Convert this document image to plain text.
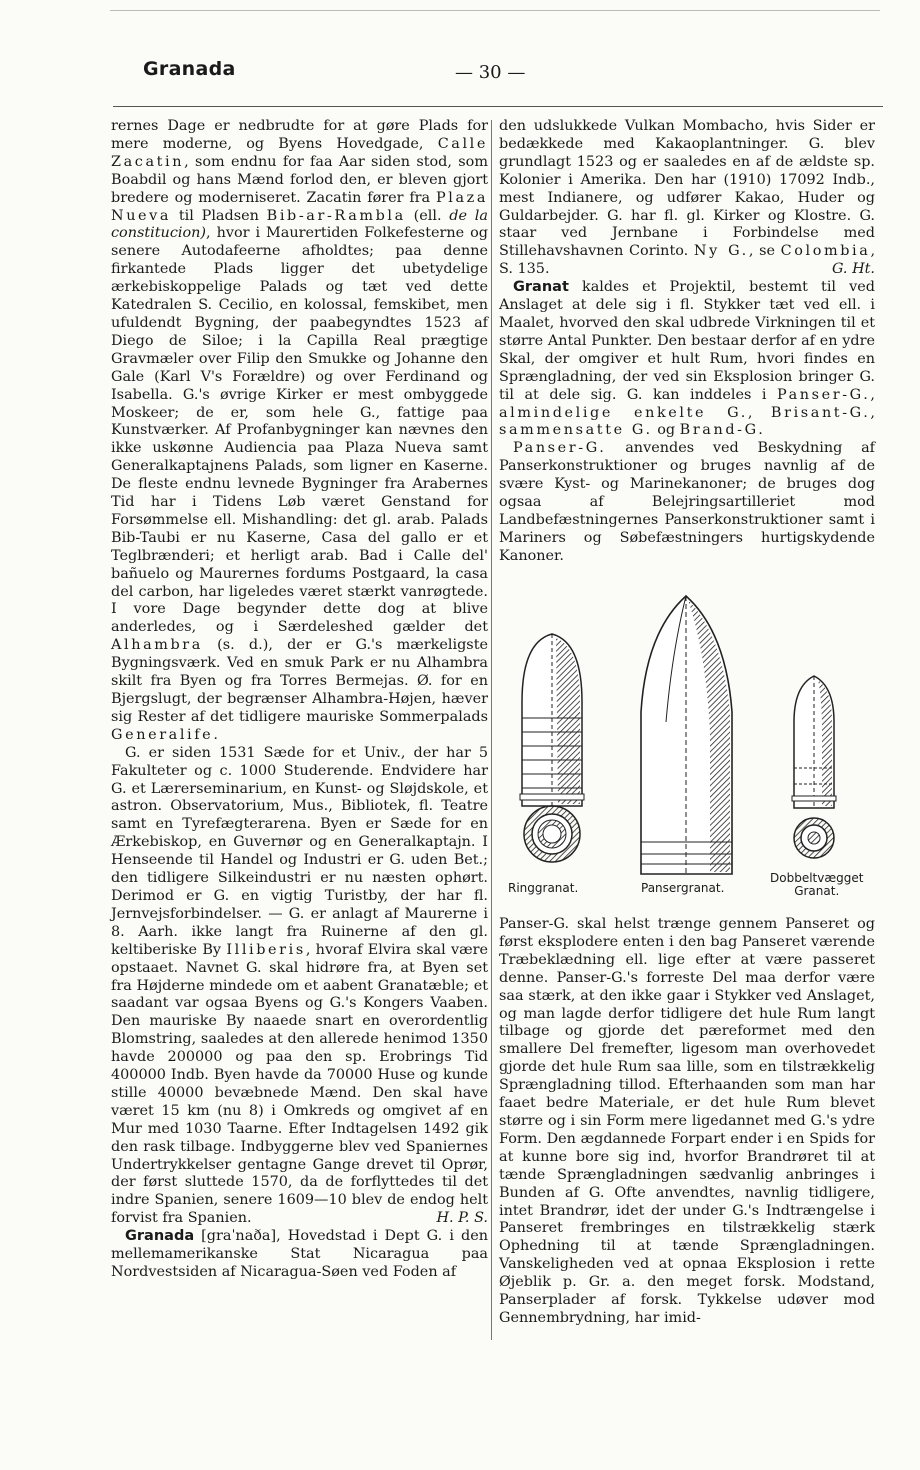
Granada	— 30 —

rernes Dage er nedbrudte for at gøre Plads for mere moderne, og Byens Hovedgade, Calle Zacatin, som endnu for faa Aar siden stod, som Boabdil og hans Mænd forlod den, er bleven gjort bredere og moderniseret. Zacatin fører fra Plaza Nueva til Pladsen Bib-ar-Rambla (ell. de la constitucion), hvor i Maurertiden Folkefesterne og senere Autodafeerne afholdtes; paa denne firkantede Plads ligger det ubetydelige ærkebiskoppelige Palads og tæt ved dette Katedralen S. Cecilio, en kolossal, femskibet, men ufuldendt Bygning, der paabegyndtes 1523 af Diego de Siloe; i la Capilla Real prægtige Gravmæler over Filip den Smukke og Johanne den Gale (Karl V's Forældre) og over Ferdinand og Isabella. G.'s øvrige Kirker er mest ombyggede Moskeer; de er, som hele G., fattige paa Kunstværker. Af Profanbygninger kan nævnes den ikke uskønne Audiencia paa Plaza Nueva samt Generalkaptajnens Palads, som ligner en Kaserne. De fleste endnu levnede Bygninger fra Arabernes Tid har i Tidens Løb været Genstand for Forsømmelse ell. Mishandling: det gl. arab. Palads Bib-Taubi er nu Kaserne, Casa del gallo er et Teglbrænderi; et herligt arab. Bad i Calle del' bañuelo og Maurernes fordums Postgaard, la casa del carbon, har ligeledes været stærkt vanrøgtede. I vore Dage begynder dette dog at blive anderledes, og i Særdeleshed gælder det Alhambra (s. d.), der er G.'s mærkeligste Bygningsværk. Ved en smuk Park er nu Alhambra skilt fra Byen og fra Torres Bermejas. Ø. for en Bjergslugt, der begrænser Alhambra-Højen, hæver sig Rester af det tidligere mauriske Sommerpalads Generalife.

G. er siden 1531 Sæde for et Univ., der har 5 Fakulteter og c. 1000 Studerende. Endvidere har G. et Lærerseminarium, en Kunst- og Sløjdskole, et astron. Observatorium, Mus., Bibliotek, fl. Teatre samt en Tyrefægterarena. Byen er Sæde for en Ærkebiskop, en Guvernør og en Generalkaptajn. I Henseende til Handel og Industri er G. uden Bet.; den tidligere Silkeindustri er nu næsten ophørt. Derimod er G. en vigtig Turistby, der har fl. Jernvejsforbindelser. — G. er anlagt af Maurerne i 8. Aarh. ikke langt fra Ruinerne af den gl. keltiberiske By Illiberis, hvoraf Elvira skal være opstaaet. Navnet G. skal hidrøre fra, at Byen set fra Højderne mindede om et aabent Granatæble; et saadant var ogsaa Byens og G.'s Kongers Vaaben. Den mauriske By naaede snart en overordentlig Blomstring, saaledes at den allerede henimod 1350 havde 200000 og paa den sp. Erobrings Tid 400000 Indb. Byen havde da 70000 Huse og kunde stille 40000 bevæbnede Mænd. Den skal have været 15 km (nu 8) i Omkreds og omgivet af en Mur med 1030 Taarne. Efter Indtagelsen 1492 gik den rask tilbage. Indbyggerne blev ved Spaniernes Undertrykkelser gentagne Gange drevet til Oprør, der først sluttede 1570, da de forflyttedes til det indre Spanien, senere 1609—10 blev de endog helt forvist fra Spanien.	H. P. S.

Granada [graˈnaða], Hovedstad i Dept G. i den mellemamerikanske Stat Nicaragua paa Nordvestsiden af Nicaragua-Søen ved Foden af

den udslukkede Vulkan Mombacho, hvis Sider er bedækkede med Kakaoplantninger. G. blev grundlagt 1523 og er saaledes en af de ældste sp. Kolonier i Amerika. Den har (1910) 17092 Indb., mest Indianere, og udfører Kakao, Huder og Guldarbejder. G. har fl. gl. Kirker og Klostre. G. staar ved Jernbane i Forbindelse med Stillehavshavnen Corinto. Ny G., se Colombia, S. 135.	G. Ht.

Granat kaldes et Projektil, bestemt til ved Anslaget at dele sig i fl. Stykker tæt ved ell. i Maalet, hvorved den skal udbrede Virkningen til et større Antal Punkter. Den bestaar derfor af en ydre Skal, der omgiver et hult Rum, hvori findes en Sprængladning, der ved sin Eksplosion bringer G. til at dele sig. G. kan inddeles i Panser-G., almindelige enkelte G., Brisant-G., sammensatte G. og Brand-G.

Panser-G. anvendes ved Beskydning af Panserkonstruktioner og bruges navnlig af de svære Kyst- og Marinekanoner; de bruges dog ogsaa af Belejringsartilleriet mod Landbefæstningernes Panserkonstruktioner samt i Mariners og Søbefæstningers hurtigskydende Kanoner.

Ringgranat.	Pansergranat.
Dobbeltvægget
Granat.

Panser-G. skal helst trænge gennem Panseret og først eksplodere enten i den bag Panseret værende Træbeklædning ell. lige efter at være passeret denne. Panser-G.'s forreste Del maa derfor være saa stærk, at den ikke gaar i Stykker ved Anslaget, og man lagde derfor tidligere det hule Rum langt tilbage og gjorde det pæreformet med den smallere Del fremefter, ligesom man overhovedet gjorde det hule Rum saa lille, som en tilstrækkelig Sprængladning tillod. Efterhaanden som man har faaet bedre Materiale, er det hule Rum blevet større og i sin Form mere ligedannet med G.'s ydre Form. Den ægdannede Forpart ender i en Spids for at kunne bore sig ind, hvorfor Brandrøret til at tænde Sprængladningen sædvanlig anbringes i Bunden af G. Ofte anvendtes, navnlig tidligere, intet Brandrør, idet der under G.'s Indtrængelse i Panseret frembringes en tilstrækkelig stærk Ophedning til at tænde Sprængladningen. Vanskeligheden ved at opnaa Eksplosion i rette Øjeblik p. Gr. a. den meget forsk. Modstand, Panserplader af forsk. Tykkelse udøver mod Gennembrydning, har imid-
